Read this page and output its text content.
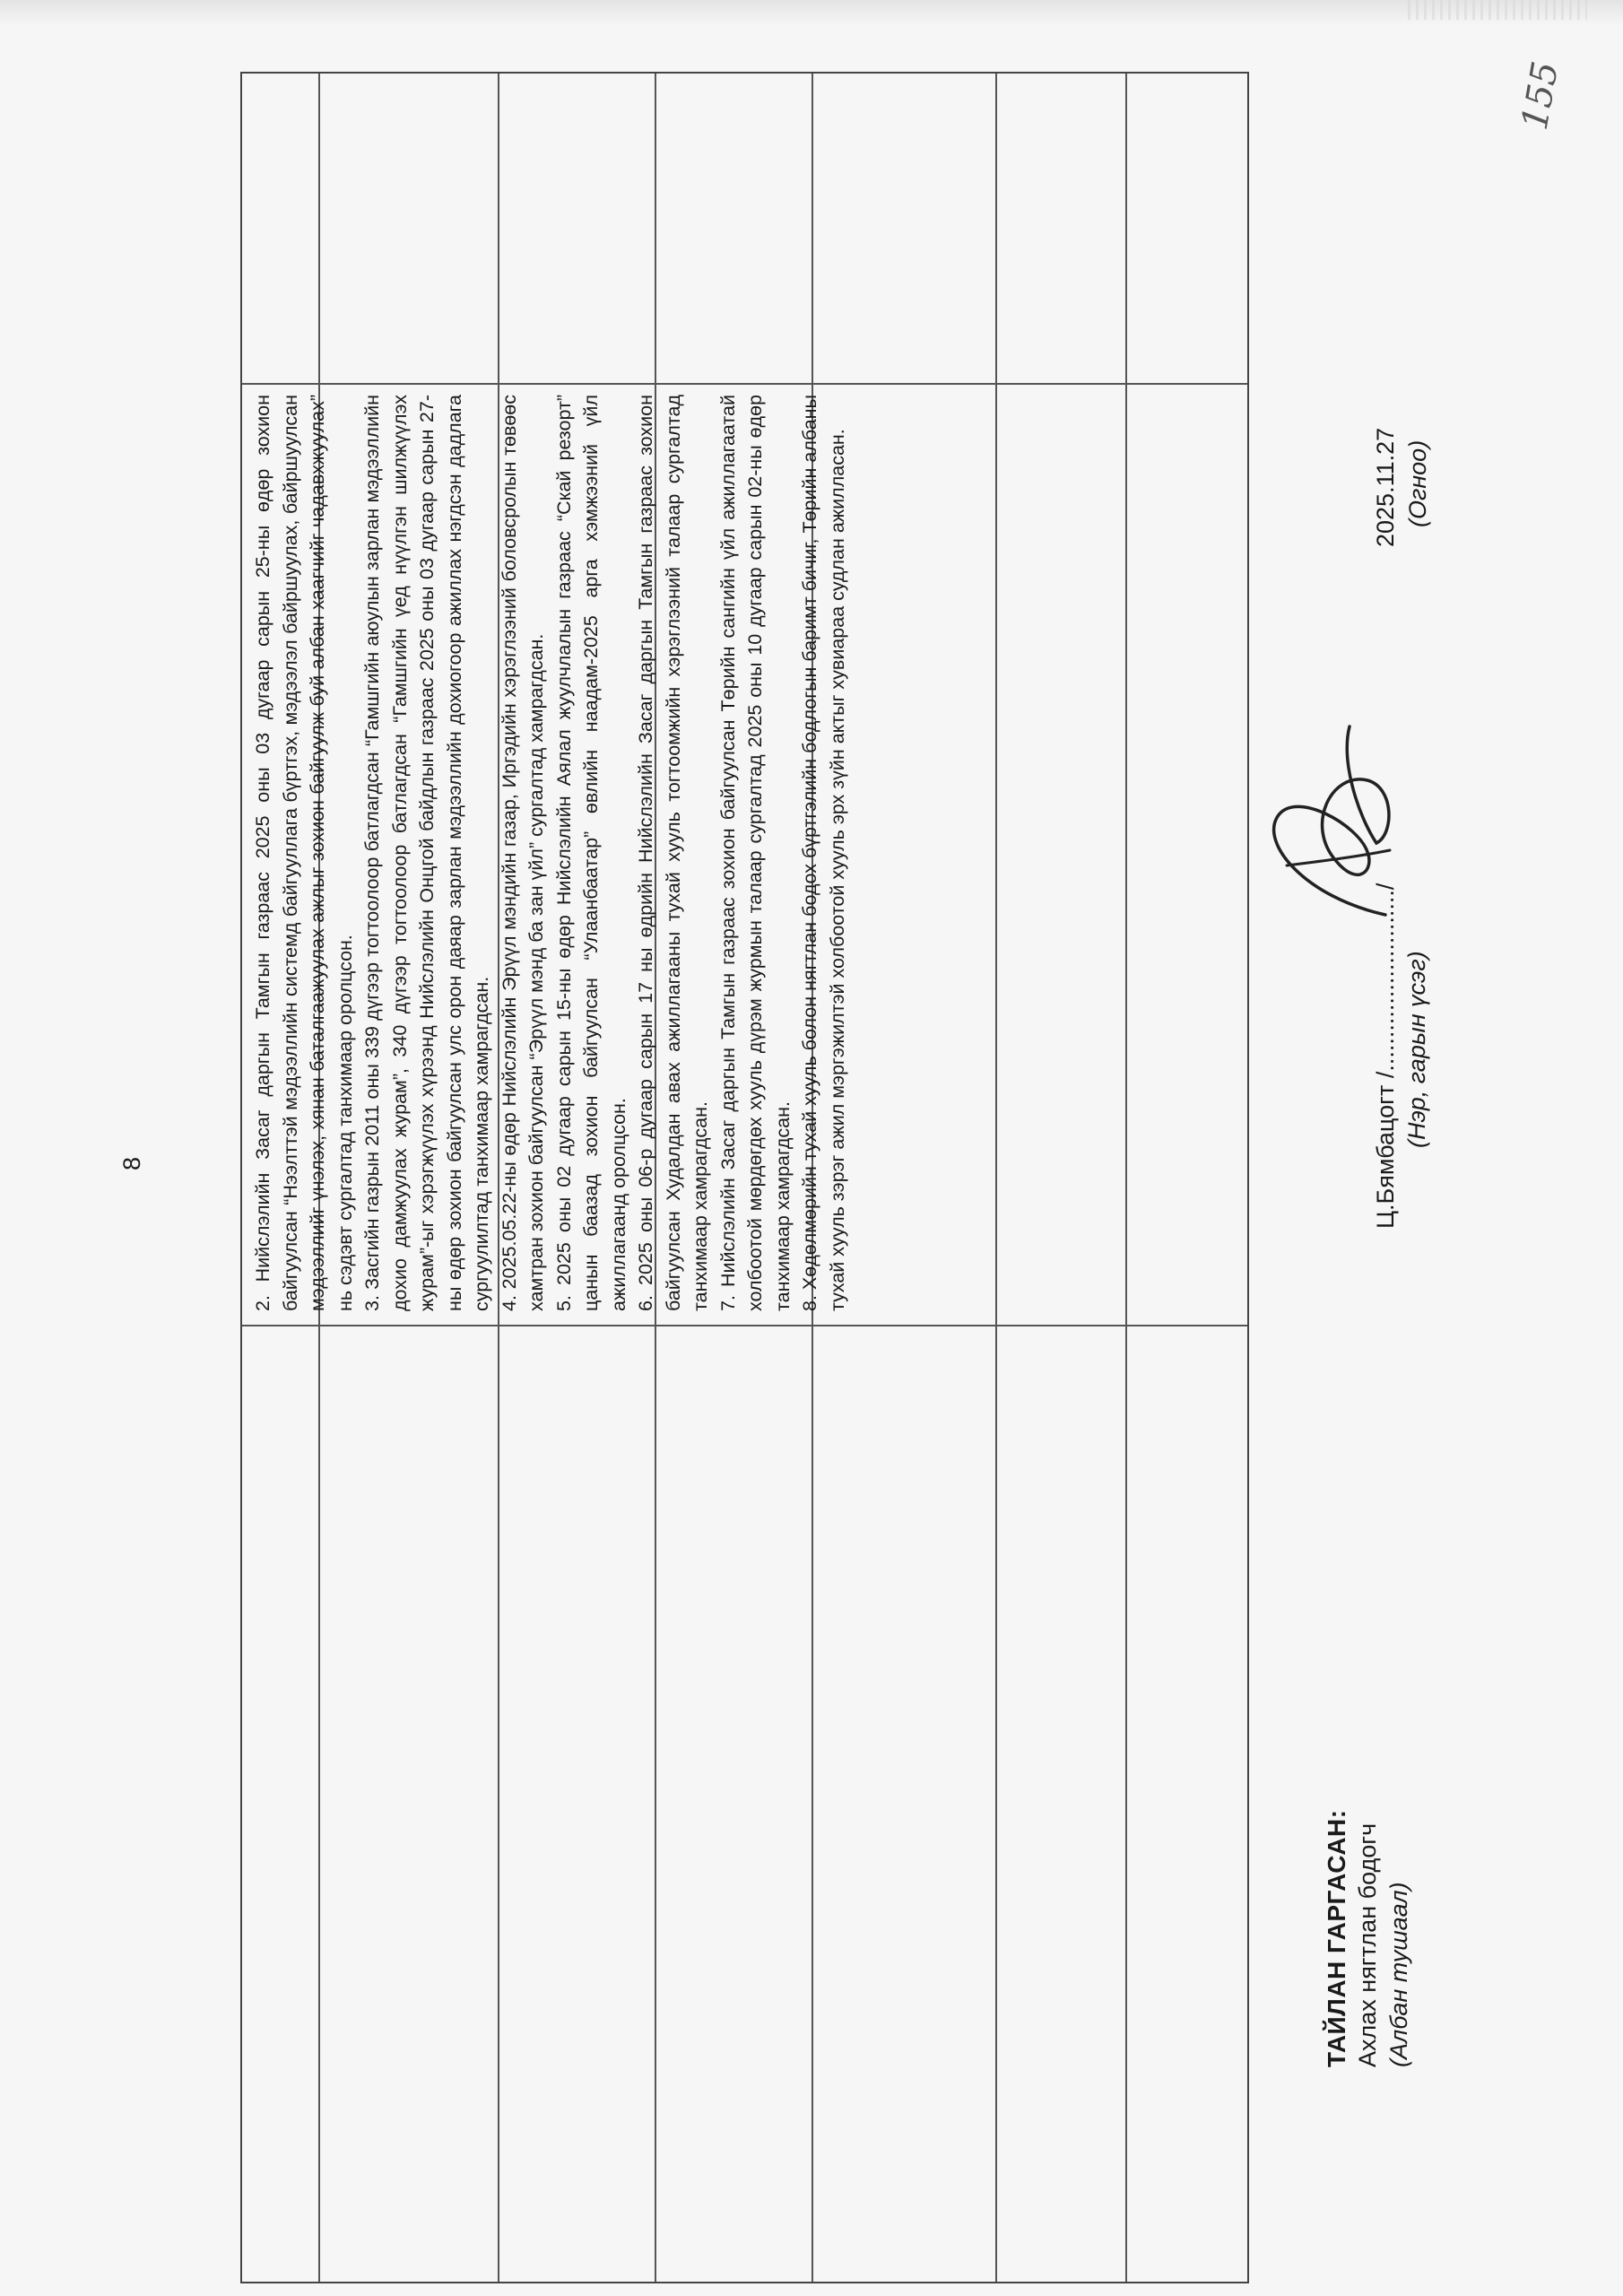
8
155

2. Нийслэлийн Засаг даргын Тамгын газраас 2025 оны 03 дугаар сарын 25-ны өдөр зохион байгуулсан “Нээлттэй мэдээллийн системд байгууллага бүртгэх, мэдээлэл байршуулах, байршуулсан мэдээллийг үнэлэх, хянан баталгаажуулах ажлыг зохион байгуулж буй албан хаагчийг чадавхжуулах” нь сэдэвт сургалтад танхимаар оролцсон. 3. Засгийн газрын 2011 оны 339 дүгээр тогтоолоор батлагдсан “Гамшгийн аюулын зарлан мэдээллийн дохио дамжуулах журам”, 340 дүгээр тогтоолоор батлагдсан “Гамшгийн үед нүүлгэн шилжүүлэх журам”-ыг хэрэгжүүлэх хүрээнд Нийслэлийн Онцгой байдлын газраас 2025 оны 03 дугаар сарын 27-ны өдөр зохион байгуулсан улс орон даяар зарлан мэдээллийн дохиогоор ажиллах нэгдсэн дадлага сургуулилтад танхимаар хамрагдсан. 4. 2025.05.22-ны өдөр Нийслэлийн Эрүүл мэндийн газар, Иргэдийн хэрэглээний боловсролын төвөөс хамтран зохион байгуулсан “Эрүүл мэнд ба зан үйл” сургалтад хамрагдсан. 5. 2025 оны 02 дугаар сарын 15-ны өдөр Нийслэлийн Аялал жуулчлалын газраас “Скай резорт” цанын баазад зохион байгуулсан “Улаанбаатар” өвлийн наадам-2025 арга хэмжээний үйл ажиллагаанд оролцсон. 6. 2025 оны 06-р дугаар сарын 17 ны өдрийн Нийслэлийн Засаг даргын Тамгын газраас зохион байгуулсан Худалдан авах ажиллагааны тухай хууль тогтоомжийн хэрэглээний талаар сургалтад танхимаар хамрагдсан. 7. Нийслэлийн Засаг даргын Тамгын газраас зохион байгуулсан Төрийн сангийн үйл ажиллагаатай холбоотой мөрдөгдөх хууль дүрэм журмын талаар сургалтад 2025 оны 10 дугаар сарын 02-ны өдөр танхимаар хамрагдсан. 8. Хөдөлмөрийн тухай хууль болон нягтлан бодох бүртгэлийн бодлогын баримт бичиг, Төрийн албаны тухай хууль зэрэг ажил мэргэжилтэй холбоотой хууль эрх зүйн актыг хувиараа судлан ажилласан.

ТАЙЛАН ГАРГАСАН: Ахлах нягтлан бодогч (Албан тушаал)
Ц.Бямбацогт /.........................../ (Нэр, гарын үсэг)
2025.11.27 (Огноо)
